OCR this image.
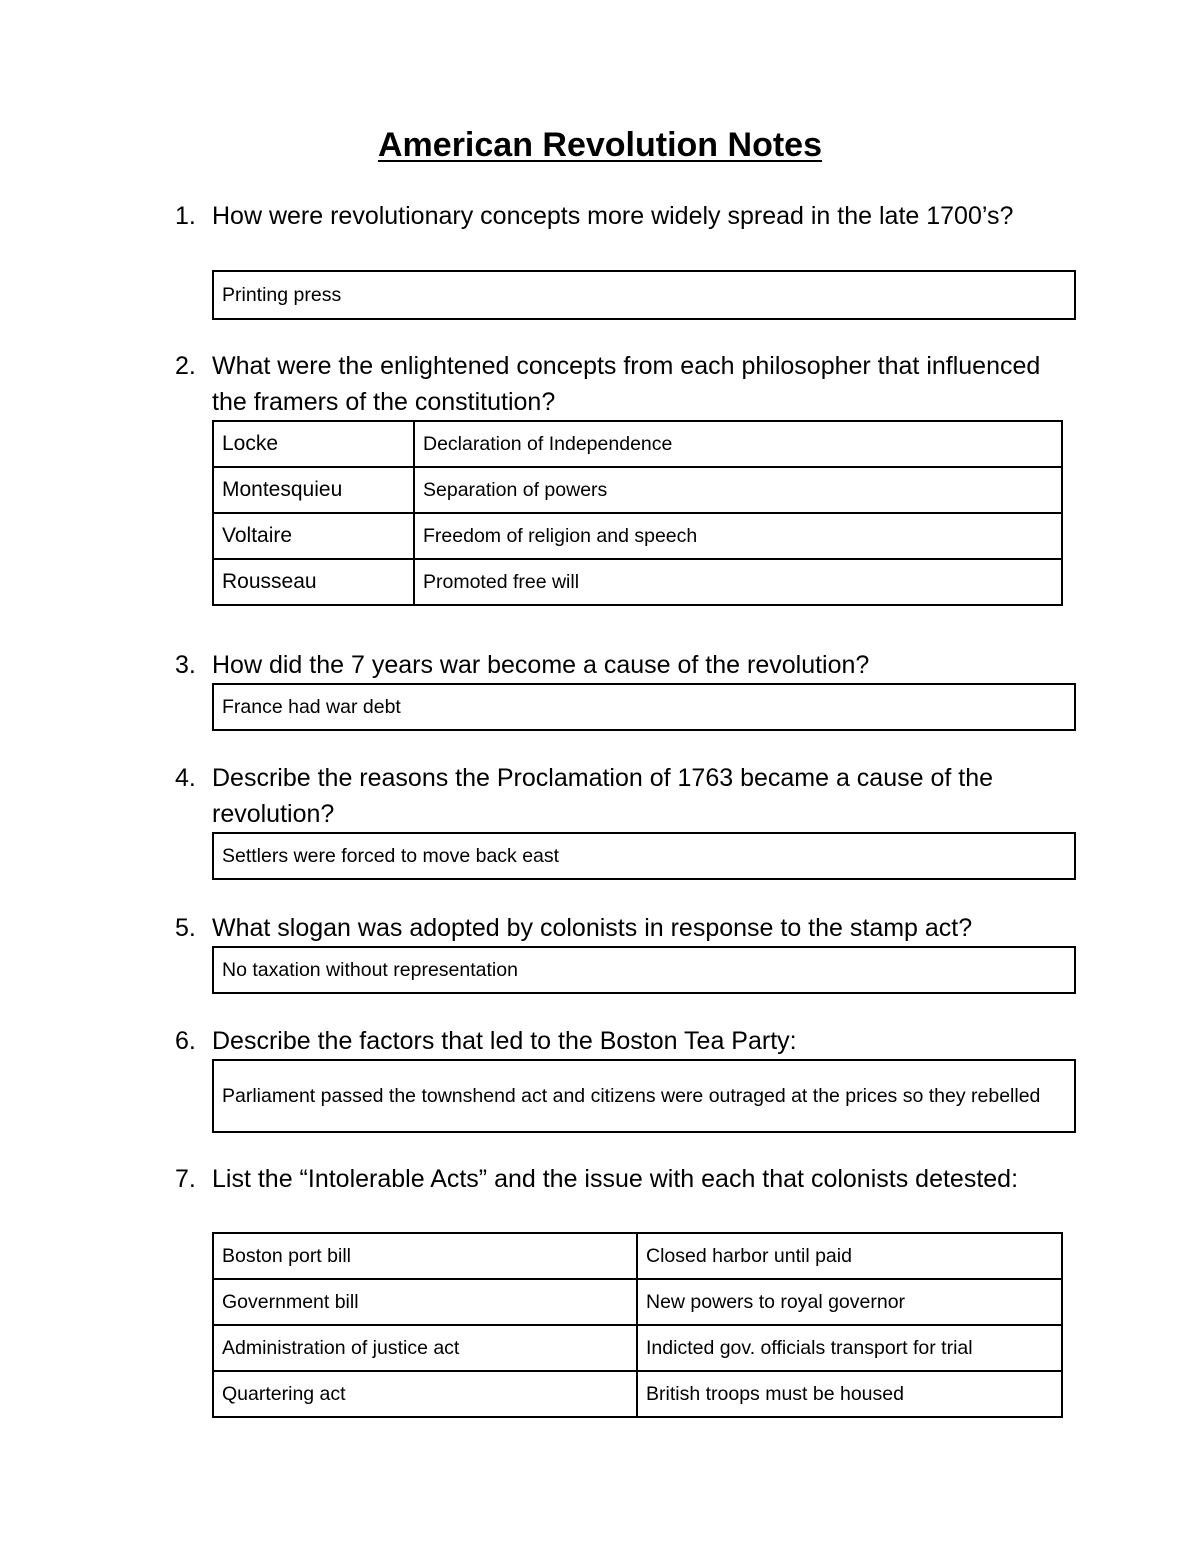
American Revolution Notes
1. How were revolutionary concepts more widely spread in the late 1700’s?
Printing press
2. What were the enlightened concepts from each philosopher that influenced the framers of the constitution?
Locke	Declaration of Independence
Montesquieu	Separation of powers
Voltaire	Freedom of religion and speech
Rousseau	Promoted free will
3. How did the 7 years war become a cause of the revolution?
France had war debt
4. Describe the reasons the Proclamation of 1763 became a cause of the revolution?
Settlers were forced to move back east
5. What slogan was adopted by colonists in response to the stamp act?
No taxation without representation
6. Describe the factors that led to the Boston Tea Party:
Parliament passed the townshend act and citizens were outraged at the prices so they rebelled
7. List the “Intolerable Acts” and the issue with each that colonists detested:
Boston port bill	Closed harbor until paid
Government bill	New powers to royal governor
Administration of justice act	Indicted gov. officials transport for trial
Quartering act	British troops must be housed
